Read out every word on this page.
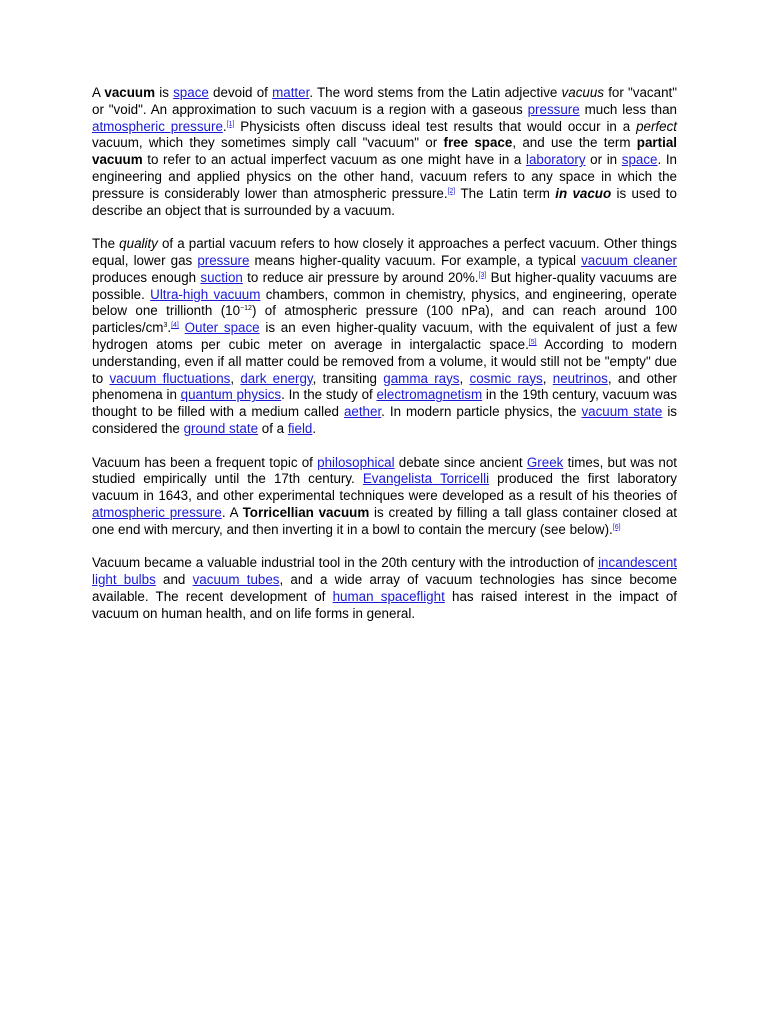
A vacuum is space devoid of matter. The word stems from the Latin adjective vacuus for "vacant" or "void". An approximation to such vacuum is a region with a gaseous pressure much less than atmospheric pressure.[1] Physicists often discuss ideal test results that would occur in a perfect vacuum, which they sometimes simply call "vacuum" or free space, and use the term partial vacuum to refer to an actual imperfect vacuum as one might have in a laboratory or in space. In engineering and applied physics on the other hand, vacuum refers to any space in which the pressure is considerably lower than atmospheric pressure.[2] The Latin term in vacuo is used to describe an object that is surrounded by a vacuum.

The quality of a partial vacuum refers to how closely it approaches a perfect vacuum. Other things equal, lower gas pressure means higher-quality vacuum. For example, a typical vacuum cleaner produces enough suction to reduce air pressure by around 20%.[3] But higher-quality vacuums are possible. Ultra-high vacuum chambers, common in chemistry, physics, and engineering, operate below one trillionth $(10^{-12})$ of atmospheric pressure (100 nPa), and can reach around 100 particles/$cm^3.[4]$ Outer space is an even higher-quality vacuum, with the equivalent of just a few hydrogen atoms per cubic meter on average in intergalactic space.[5] According to modern understanding, even if all matter could be removed from a volume, it would still not be "empty" due to vacuum fluctuations, dark energy, transiting gamma rays, cosmic rays, neutrinos, and other phenomena in quantum physics. In the study of electromagnetism in the 19th century, vacuum was thought to be filled with a medium called aether. In modern particle physics, the vacuum state is considered the ground state of a field.

Vacuum has been a frequent topic of philosophical debate since ancient Greek times, but was not studied empirically until the 17th century. Evangelista Torricelli produced the first laboratory vacuum in 1643, and other experimental techniques were developed as a result of his theories of atmospheric pressure. A Torricellian vacuum is created by filling a tall glass container closed at one end with mercury, and then inverting it in a bowl to contain the mercury (see below).[6]

Vacuum became a valuable industrial tool in the 20th century with the introduction of incandescent light bulbs and vacuum tubes, and a wide array of vacuum technologies has since become available. The recent development of human spaceflight has raised interest in the impact of vacuum on human health, and on life forms in general.
